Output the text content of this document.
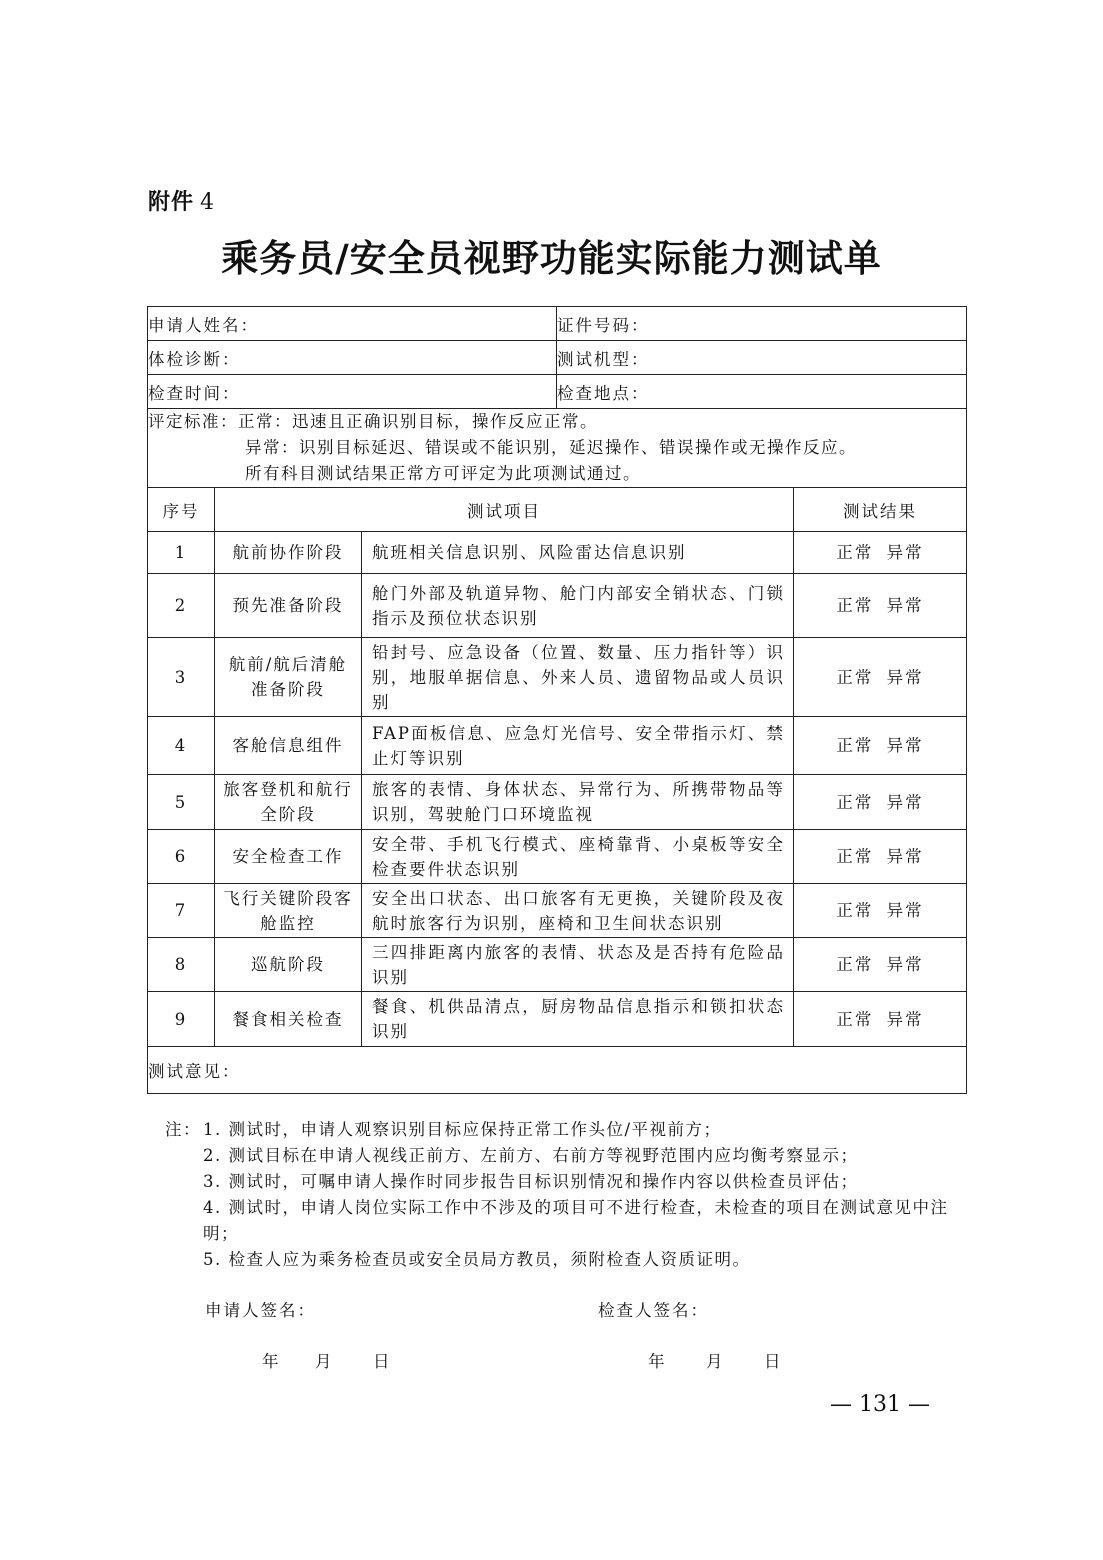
附件 4
乘务员/安全员视野功能实际能力测试单
申请人姓名：			证件号码：	
体检诊断：			测试机型：	
检查时间：			检查地点：	

评定标准：正常：迅速且正确识别目标，操作反应正常。
异常：识别目标延迟、错误或不能识别，延迟操作、错误操作或无操作反应。
所有科目测试结果正常方可评定为此项测试通过。				

序号	测试项目			测试结果
1	航前协作阶段	航班相关信息识别、风险雷达信息识别		正常 异常
2	预先准备阶段	舱门外部及轨道异物、舱门内部安全销状态、门锁指示及预位状态识别		正常 异常
3	航前/航后清舱准备阶段	铅封号、应急设备（位置、数量、压力指针等）识别，地服单据信息、外来人员、遗留物品或人员识别		正常 异常
4	客舱信息组件	FAP面板信息、应急灯光信号、安全带指示灯、禁止灯等识别		正常 异常
5	旅客登机和航行全阶段	旅客的表情、身体状态、异常行为、所携带物品等识别，驾驶舱门口环境监视		正常 异常
6	安全检查工作	安全带、手机飞行模式、座椅靠背、小桌板等安全检查要件状态识别		正常 异常
7	飞行关键阶段客舱监控	安全出口状态、出口旅客有无更换，关键阶段及夜航时旅客行为识别，座椅和卫生间状态识别		正常 异常
8	巡航阶段	三四排距离内旅客的表情、状态及是否持有危险品识别		正常 异常
9	餐食相关检查	餐食、机供品清点，厨房物品信息指示和锁扣状态识别		正常 异常
测试意见：				
注： 1. 测试时，申请人观察识别目标应保持正常工作头位/平视前方；
2. 测试目标在申请人视线正前方、左前方、右前方等视野范围内应均衡考察显示；
3. 测试时，可嘱申请人操作时同步报告目标识别情况和操作内容以供检查员评估；
4. 测试时，申请人岗位实际工作中不涉及的项目可不进行检查，未检查的项目在测试意见中注明；
5. 检查人应为乘务检查员或安全员局方教员，须附检查人资质证明。
申请人签名：	检查人签名：
年 月	日	年	月	日
— 131 —
